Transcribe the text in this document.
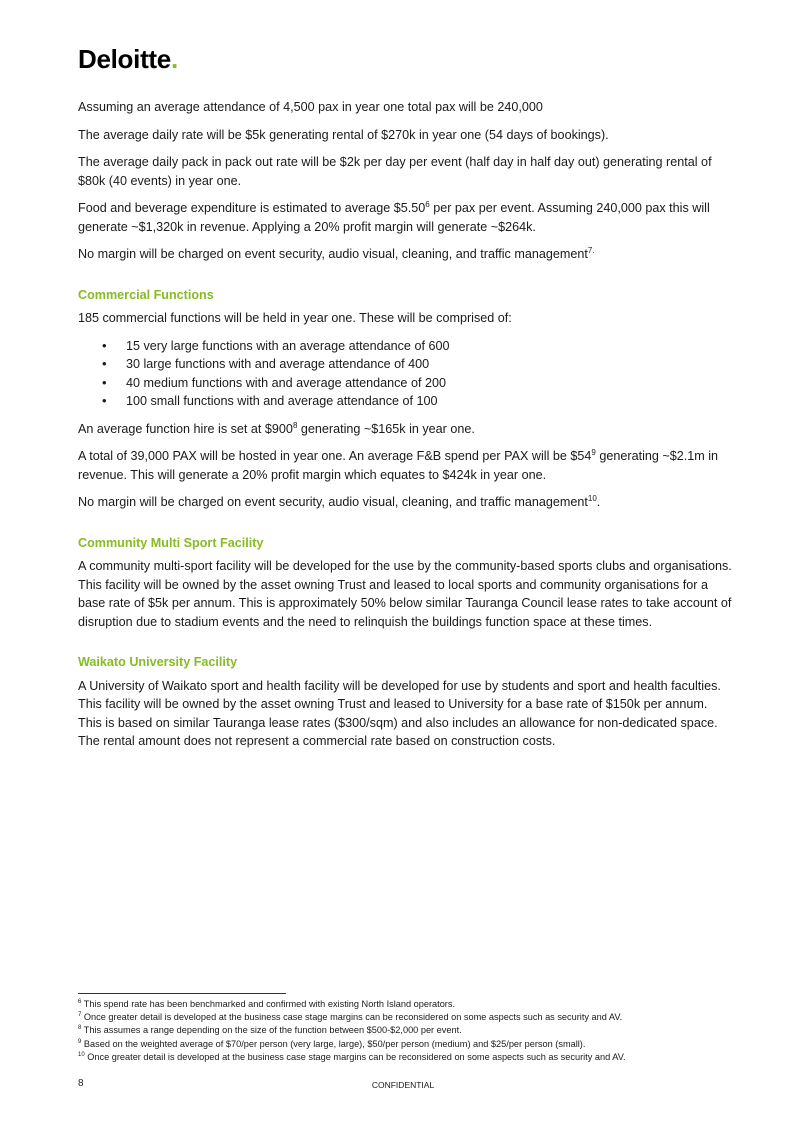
Deloitte.

Assuming an average attendance of 4,500 pax in year one total pax will be 240,000

The average daily rate will be $5k generating rental of $270k in year one (54 days of bookings).

The average daily pack in pack out rate will be $2k per day per event (half day in half day out) generating rental of $80k (40 events) in year one.

Food and beverage expenditure is estimated to average $5.50$^6$ per pax per event. Assuming 240,000 pax this will generate ~$1,320k in revenue. Applying a 20% profit margin will generate ~$264k.

No margin will be charged on event security, audio visual, cleaning, and traffic management$^{7.}$

Commercial Functions

185 commercial functions will be held in year one. These will be comprised of:

• 15 very large functions with an average attendance of 600
• 30 large functions with and average attendance of 400
• 40 medium functions with and average attendance of 200
• 100 small functions with and average attendance of 100

An average function hire is set at $\$900^8$ generating ~$165k in year one.

A total of 39,000 PAX will be hosted in year one. An average F&B spend per PAX will be $\$54^9$ generating ~$2.1m in revenue. This will generate a 20% profit margin which equates to $424k in year one.

No margin will be charged on event security, audio visual, cleaning, and traffic management$^{10}$.

Community Multi Sport Facility

A community multi-sport facility will be developed for the use by the community-based sports clubs and organisations. This facility will be owned by the asset owning Trust and leased to local sports and community organisations for a base rate of $5k per annum. This is approximately 50% below similar Tauranga Council lease rates to take account of disruption due to stadium events and the need to relinquish the buildings function space at these times.

Waikato University Facility

A University of Waikato sport and health facility will be developed for use by students and sport and health faculties. This facility will be owned by the asset owning Trust and leased to University for a base rate of $150k per annum. This is based on similar Tauranga lease rates ($300/sqm) and also includes an allowance for non-dedicated space. The rental amount does not represent a commercial rate based on construction costs.

$^6$ This spend rate has been benchmarked and confirmed with existing North Island operators.
$^7$ Once greater detail is developed at the business case stage margins can be reconsidered on some aspects such as security and AV.
$^8$ This assumes a range depending on the size of the function between $500-$2,000 per event.
$^9$ Based on the weighted average of $70/per person (very large, large), $50/per person (medium) and $25/per person (small).
$^{10}$ Once greater detail is developed at the business case stage margins can be reconsidered on some aspects such as security and AV.
8	CONFIDENTIAL
